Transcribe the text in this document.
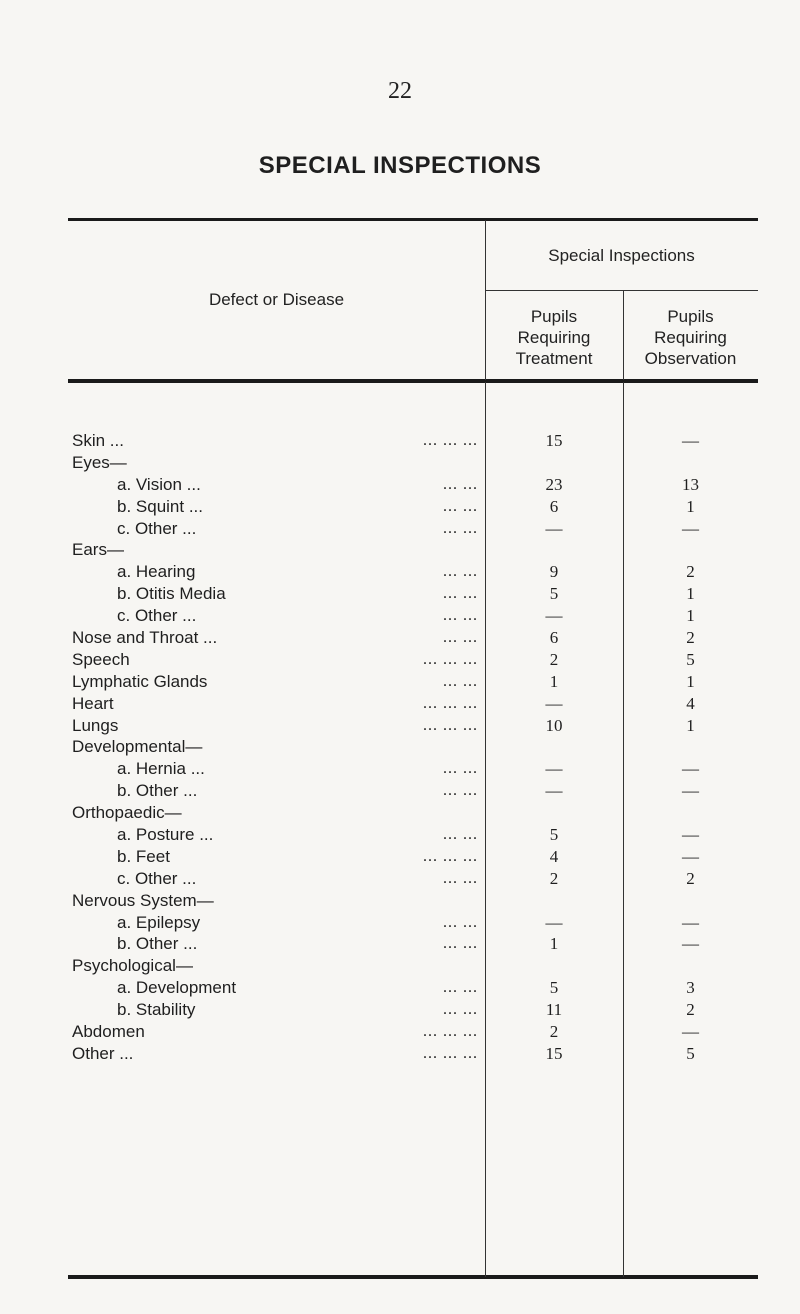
22
SPECIAL INSPECTIONS
Defect or Disease
Special Inspections
Pupils
Requiring
Treatment
Pupils
Requiring
Observation
Skin ...	... ... ...	15	—
Eyes—
a. Vision ...	... ...	23	13
b. Squint ...	... ...	6	1
c. Other ...	... ...	—	—
Ears—
a. Hearing	... ...	9	2
b. Otitis Media	... ...	5	1
c. Other ...	... ...	—	1
Nose and Throat ...	... ...	6	2
Speech	... ... ...	2	5
Lymphatic Glands	... ...	1	1
Heart	... ... ...	—	4
Lungs	... ... ...	10	1
Developmental—
a. Hernia ...	... ...	—	—
b. Other ...	... ...	—	—
Orthopaedic—
a. Posture ...	... ...	5	—
b. Feet	... ... ...	4	—
c. Other ...	... ...	2	2
Nervous System—
a. Epilepsy	... ...	—	—
b. Other ...	... ...	1	—
Psychological—
a. Development	... ...	5	3
b. Stability	... ...	11	2
Abdomen	... ... ...	2	—
Other ...	... ... ...	15	5
